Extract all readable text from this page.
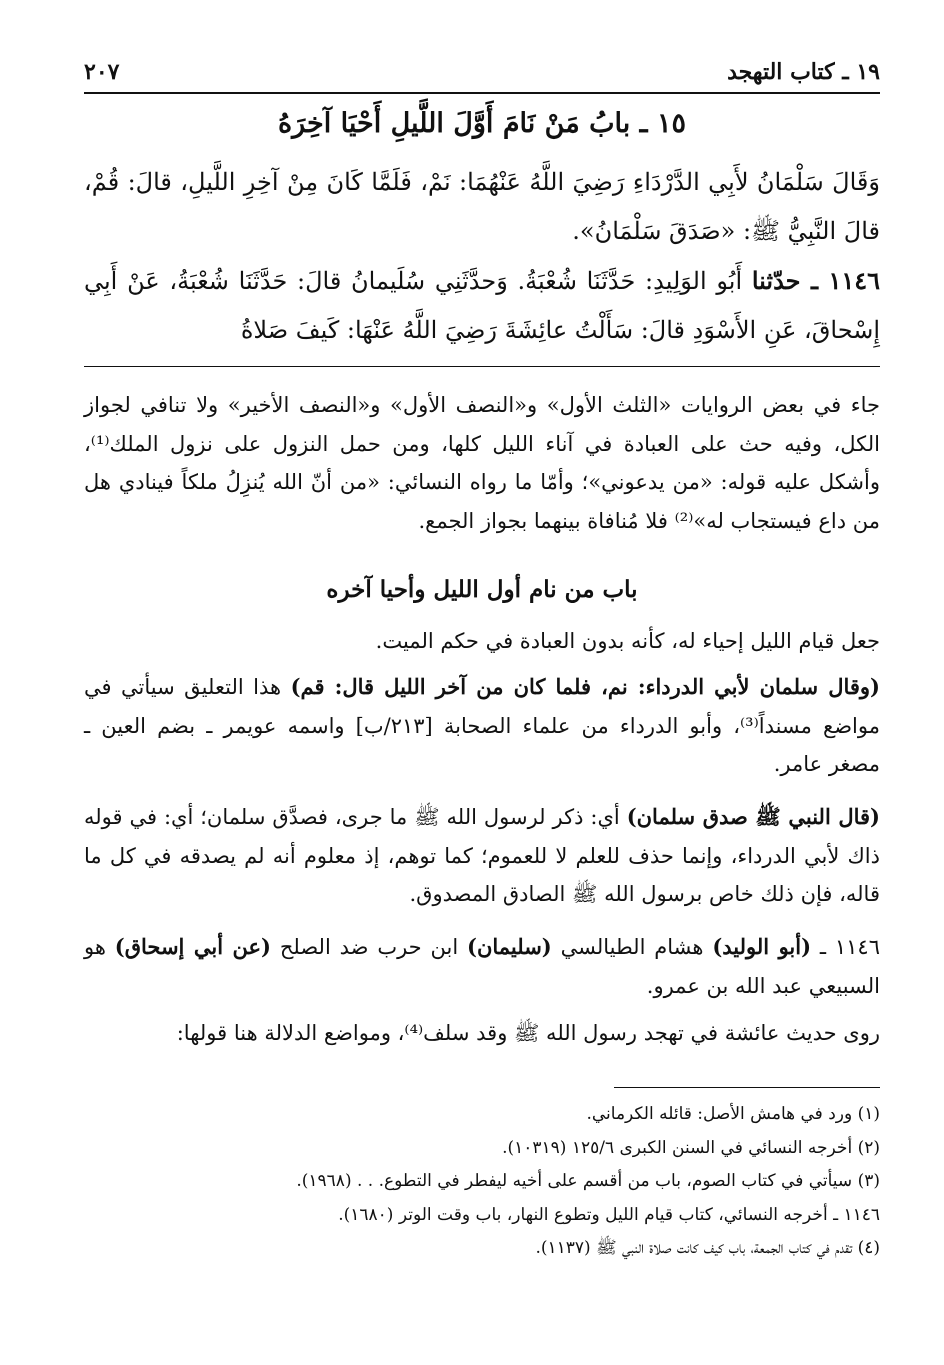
١٩ ـ كتاب التهجد
٢٠٧
١٥ ـ بابُ مَنْ نَامَ أَوَّلَ اللَّيلِ أَحْيَا آخِرَهُ
وَقَالَ سَلْمَانُ لأَبِي الدَّرْدَاءِ رَضِيَ اللَّهُ عَنْهُمَا: نَمْ، فَلَمَّا كَانَ مِنْ آخِرِ اللَّيلِ، قالَ: قُمْ، قالَ النَّبِيُّ ﷺ: «صَدَقَ سَلْمَانُ».
١١٤٦ ـ حدّثنا أَبُو الوَلِيدِ: حَدَّثَنَا شُعْبَةُ. وَحدَّثَنِي سُلَيمانُ قالَ: حَدَّثَنَا شُعْبَةُ، عَنْ أَبِي إِسْحاقَ، عَنِ الأَسْوَدِ قالَ: سَأَلْتُ عائِشَةَ رَضِيَ اللَّهُ عَنْهَا: كَيفَ صَلاةُ
جاء في بعض الروايات «الثلث الأول» و«النصف الأول» و«النصف الأخير» ولا تنافي لجواز الكل، وفيه حث على العبادة في آناء الليل كلها، ومن حمل النزول على نزول الملك⁽¹⁾، وأشكل عليه قوله: «من يدعوني»؛ وأمّا ما رواه النسائي: «من أنّ الله يُنزِلُ ملكاً فينادي هل من داع فيستجاب له»⁽²⁾ فلا مُنافاة بينهما بجواز الجمع.
باب من نام أول الليل وأحيا آخره
جعل قيام الليل إحياء له، كأنه بدون العبادة في حكم الميت.
(وقال سلمان لأبي الدرداء: نم، فلما كان من آخر الليل قال: قم) هذا التعليق سيأتي في مواضع مسنداً⁽³⁾، وأبو الدرداء من علماء الصحابة [٢١٣/ب] واسمه عويمر ـ بضم العين ـ مصغر عامر.
(قال النبي ﷺ صدق سلمان) أي: ذكر لرسول الله ﷺ ما جرى، فصدَّق سلمان؛ أي: في قوله ذاك لأبي الدرداء، وإنما حذف للعلم لا للعموم؛ كما توهم، إذ معلوم أنه لم يصدقه في كل ما قاله، فإن ذلك خاص برسول الله ﷺ الصادق المصدوق.
١١٤٦ ـ (أبو الوليد) هشام الطيالسي (سليمان) ابن حرب ضد الصلح (عن أبي إسحاق) هو السبيعي عبد الله بن عمرو.
روى حديث عائشة في تهجد رسول الله ﷺ وقد سلف⁽⁴⁾، ومواضع الدلالة هنا قولها:
(١) ورد في هامش الأصل: قائله الكرماني.
(٢) أخرجه النسائي في السنن الكبرى ١٢٥/٦ (١٠٣١٩).
(٣) سيأتي في كتاب الصوم، باب من أقسم على أخيه ليفطر في التطوع. . . (١٩٦٨).
١١٤٦ ـ أخرجه النسائي، كتاب قيام الليل وتطوع النهار، باب وقت الوتر (١٦٨٠).
(٤) تقدم في كتاب الجمعة، باب كيف كانت صلاة النبي ﷺ (١١٣٧).
